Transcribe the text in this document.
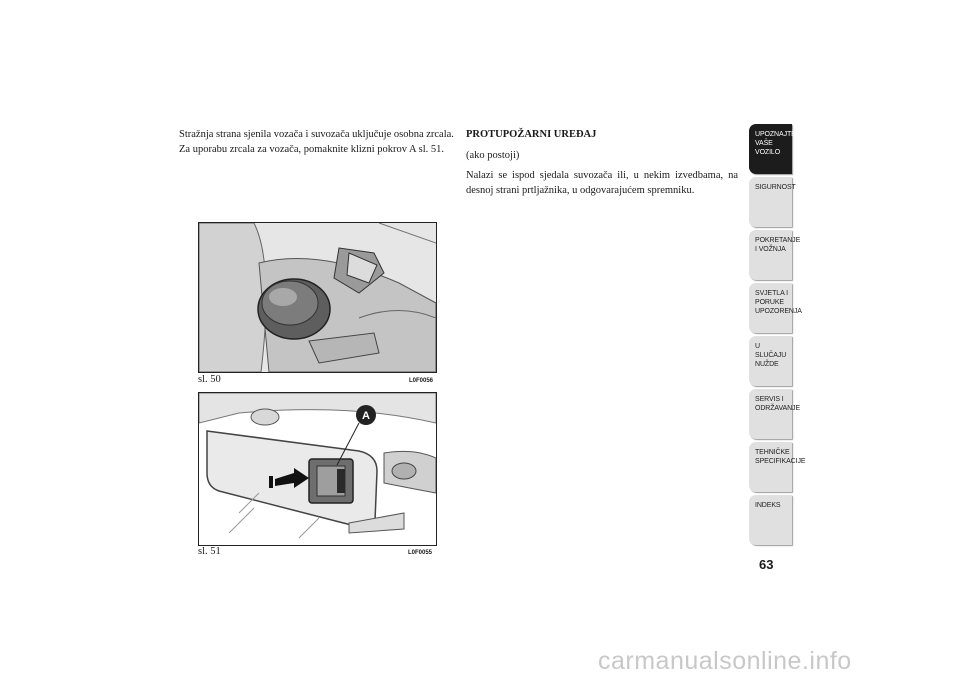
Stražnja strana sjenila vozača i suvozača uključuje osobna zrcala.

Za uporabu zrcala za vozača, pomaknite klizni pokrov A sl. 51.

PROTUPOŽARNI UREĐAJ

(ako postoji)

Nalazi se ispod sjedala suvozača ili, u nekim izvedbama, na desnoj strani prtljažnika, u odgovarajućem spremniku.

sl. 50	L0F0056
A
sl. 51	L0F0055
UPOZNAJTE VAŠE VOZILO
SIGURNOST
POKRETANJE I VOŽNJA
SVJETLA I PORUKE UPOZORENJA
U SLUČAJU NUŽDE
SERVIS I ODRŽAVANJE
TEHNIČKE SPECIFIKACIJE
INDEKS
63
carmanualsonline.info
